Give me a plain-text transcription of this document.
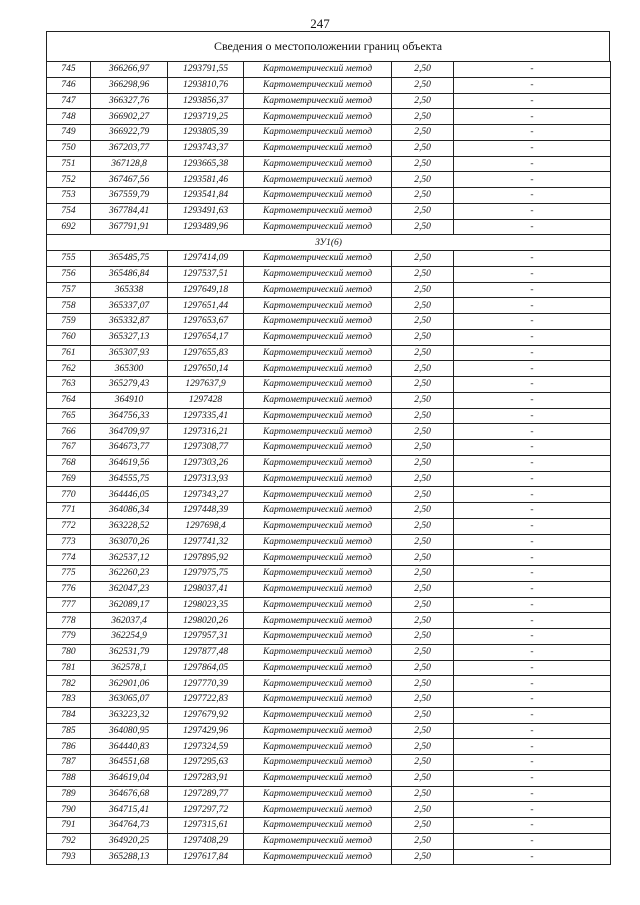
247
Сведения о местоположении границ объекта
745	366266,97	1293791,55	Картометрический метод	2,50	-
746	366298,96	1293810,76	Картометрический метод	2,50	-
747	366327,76	1293856,37	Картометрический метод	2,50	-
748	366902,27	1293719,25	Картометрический метод	2,50	-
749	366922,79	1293805,39	Картометрический метод	2,50	-
750	367203,77	1293743,37	Картометрический метод	2,50	-
751	367128,8	1293665,38	Картометрический метод	2,50	-
752	367467,56	1293581,46	Картометрический метод	2,50	-
753	367559,79	1293541,84	Картометрический метод	2,50	-
754	367784,41	1293491,63	Картометрический метод	2,50	-
692	367791,91	1293489,96	Картометрический метод	2,50	-
ЗУ1(6)					
755	365485,75	1297414,09	Картометрический метод	2,50	-
756	365486,84	1297537,51	Картометрический метод	2,50	-
757	365338	1297649,18	Картометрический метод	2,50	-
758	365337,07	1297651,44	Картометрический метод	2,50	-
759	365332,87	1297653,67	Картометрический метод	2,50	-
760	365327,13	1297654,17	Картометрический метод	2,50	-
761	365307,93	1297655,83	Картометрический метод	2,50	-
762	365300	1297650,14	Картометрический метод	2,50	-
763	365279,43	1297637,9	Картометрический метод	2,50	-
764	364910	1297428	Картометрический метод	2,50	-
765	364756,33	1297335,41	Картометрический метод	2,50	-
766	364709,97	1297316,21	Картометрический метод	2,50	-
767	364673,77	1297308,77	Картометрический метод	2,50	-
768	364619,56	1297303,26	Картометрический метод	2,50	-
769	364555,75	1297313,93	Картометрический метод	2,50	-
770	364446,05	1297343,27	Картометрический метод	2,50	-
771	364086,34	1297448,39	Картометрический метод	2,50	-
772	363228,52	1297698,4	Картометрический метод	2,50	-
773	363070,26	1297741,32	Картометрический метод	2,50	-
774	362537,12	1297895,92	Картометрический метод	2,50	-
775	362260,23	1297975,75	Картометрический метод	2,50	-
776	362047,23	1298037,41	Картометрический метод	2,50	-
777	362089,17	1298023,35	Картометрический метод	2,50	-
778	362037,4	1298020,26	Картометрический метод	2,50	-
779	362254,9	1297957,31	Картометрический метод	2,50	-
780	362531,79	1297877,48	Картометрический метод	2,50	-
781	362578,1	1297864,05	Картометрический метод	2,50	-
782	362901,06	1297770,39	Картометрический метод	2,50	-
783	363065,07	1297722,83	Картометрический метод	2,50	-
784	363223,32	1297679,92	Картометрический метод	2,50	-
785	364080,95	1297429,96	Картометрический метод	2,50	-
786	364440,83	1297324,59	Картометрический метод	2,50	-
787	364551,68	1297295,63	Картометрический метод	2,50	-
788	364619,04	1297283,91	Картометрический метод	2,50	-
789	364676,68	1297289,77	Картометрический метод	2,50	-
790	364715,41	1297297,72	Картометрический метод	2,50	-
791	364764,73	1297315,61	Картометрический метод	2,50	-
792	364920,25	1297408,29	Картометрический метод	2,50	-
793	365288,13	1297617,84	Картометрический метод	2,50	-
